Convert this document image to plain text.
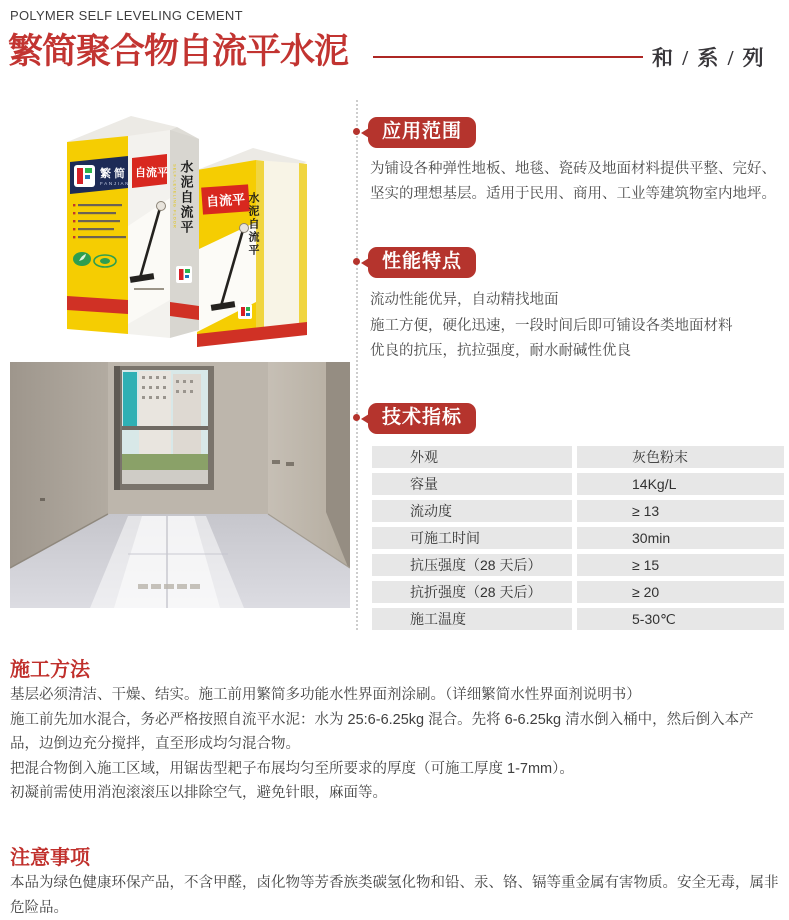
POLYMER SELF LEVELING CEMENT
繁简聚合物自流平水泥	和 / 系 / 列
自流平 水泥自流平
繁简
FANJIAN
自流平 水泥自流平
SELF-LEVELING FLOOR
应用范围

为铺设各种弹性地板、地毯、瓷砖及地面材料提供平整、完好、坚实的理想基层。适用于民用、商用、工业等建筑物室内地坪。

性能特点

流动性能优异，自动精找地面

施工方便，硬化迅速，一段时间后即可铺设各类地面材料

优良的抗压，抗拉强度，耐水耐碱性优良

技术指标
外观	灰色粉末
容量	14Kg/L
流动度	≥ 13
可施工时间	30min
抗压强度（28 天后）	≥ 15
抗折强度（28 天后）	≥ 20
施工温度	5-30℃
施工方法

基层必须清洁、干燥、结实。施工前用繁简多功能水性界面剂涂刷。（详细繁简水性界面剂说明书）

施工前先加水混合，务必严格按照自流平水泥：水为 25:6-6.25kg 混合。先将 6-6.25kg 清水倒入桶中，然后倒入本产品，边倒边充分搅拌，直至形成均匀混合物。

把混合物倒入施工区域，用锯齿型耙子布展均匀至所要求的厚度（可施工厚度 1-7mm）。

初凝前需使用消泡滚滚压以排除空气，避免针眼，麻面等。

注意事项

本品为绿色健康环保产品，不含甲醛，卤化物等芳香族类碳氢化物和铅、汞、铬、镉等重金属有害物质。安全无毒，属非危险品。
